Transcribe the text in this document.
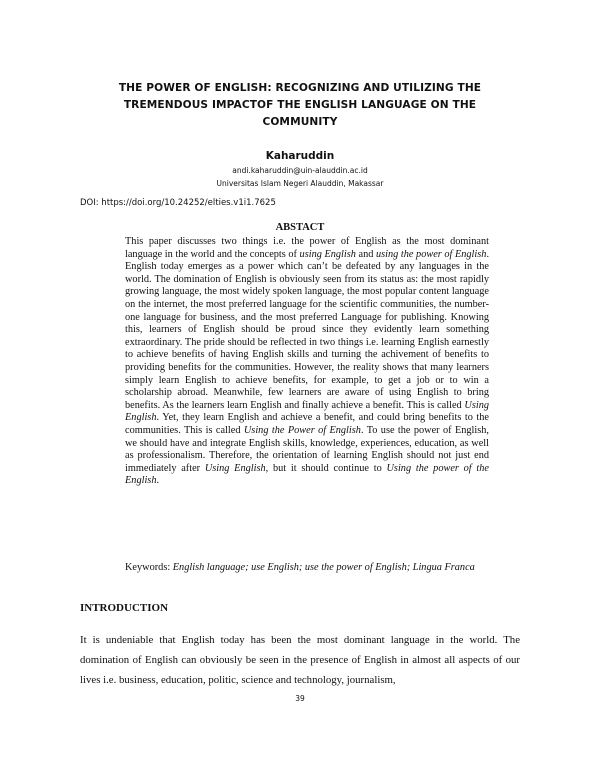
THE POWER OF ENGLISH: RECOGNIZING AND UTILIZING THE
TREMENDOUS IMPACTOF THE ENGLISH LANGUAGE ON THE
COMMUNITY
Kaharuddin
andi.kaharuddin@uin-alauddin.ac.id
Universitas Islam Negeri Alauddin, Makassar
DOI: https://doi.org/10.24252/elties.v1i1.7625
ABSTACT
This paper discusses two things i.e. the power of English as the most dominant language in the world and the concepts of using English and using the power of English. English today emerges as a power which can’t be defeated by any languages in the world. The domination of English is obviously seen from its status as: the most rapidly growing language, the most widely spoken language, the most popular content language on the internet, the most preferred language for the scientific communities, the number-one language for business, and the most preferred Language for publishing. Knowing this, learners of English should be proud since they evidently learn something extraordinary. The pride should be reflected in two things i.e. learning English earnestly to achieve benefits of having English skills and turning the achivement of benefits to providing benefits for the communities. However, the reality shows that many learners simply learn English to achieve benefits, for example, to get a job or to win a scholarship abroad. Meanwhile, few learners are aware of using English to bring benefits. As the learners learn English and finally achieve a benefit. This is called Using English. Yet, they learn English and achieve a benefit, and could bring benefits to the communities. This is called Using the Power of English. To use the power of English, we should have and integrate English skills, knowledge, experiences, education, as well as professionalism. Therefore, the orientation of learning English should not just end immediately after Using English, but it should continue to Using the power of the English.
Keywords: English language; use English; use the power of English; Lingua Franca
INTRODUCTION
It is undeniable that English today has been the most dominant language in the world. The domination of English can obviously be seen in the presence of English in almost all aspects of our lives i.e. business, education, politic, science and technology, journalism,
39
